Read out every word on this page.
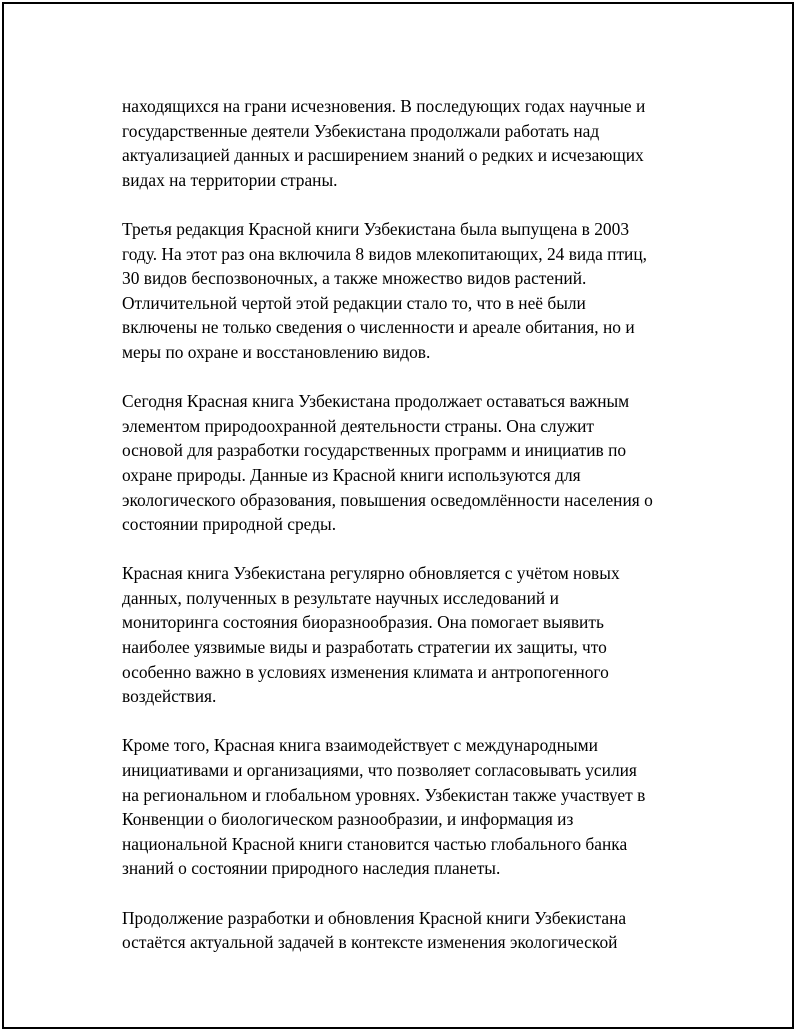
находящихся на грани исчезновения. В последующих годах научные и
государственные деятели Узбекистана продолжали работать над
актуализацией данных и расширением знаний о редких и исчезающих
видах на территории страны.

Третья редакция Красной книги Узбекистана была выпущена в 2003
году. На этот раз она включила 8 видов млекопитающих, 24 вида птиц,
30 видов беспозвоночных, а также множество видов растений.
Отличительной чертой этой редакции стало то, что в неё были
включены не только сведения о численности и ареале обитания, но и
меры по охране и восстановлению видов.

Сегодня Красная книга Узбекистана продолжает оставаться важным
элементом природоохранной деятельности страны. Она служит
основой для разработки государственных программ и инициатив по
охране природы. Данные из Красной книги используются для
экологического образования, повышения осведомлённости населения о
состоянии природной среды.

Красная книга Узбекистана регулярно обновляется с учётом новых
данных, полученных в результате научных исследований и
мониторинга состояния биоразнообразия. Она помогает выявить
наиболее уязвимые виды и разработать стратегии их защиты, что
особенно важно в условиях изменения климата и антропогенного
воздействия.

Кроме того, Красная книга взаимодействует с международными
инициативами и организациями, что позволяет согласовывать усилия
на региональном и глобальном уровнях. Узбекистан также участвует в
Конвенции о биологическом разнообразии, и информация из
национальной Красной книги становится частью глобального банка
знаний о состоянии природного наследия планеты.

Продолжение разработки и обновления Красной книги Узбекистана
остаётся актуальной задачей в контексте изменения экологической
